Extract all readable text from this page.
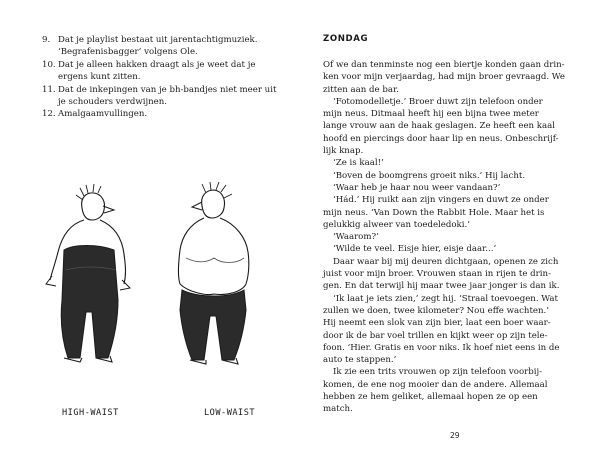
9. Dat je playlist bestaat uit jarentachtigmuziek.
‘Begrafenisbagger’ volgens Ole.
10. Dat je alleen hakken draagt als je weet dat je
ergens kunt zitten.
11. Dat de inkepingen van je bh-bandjes niet meer uit
je schouders verdwijnen.
12. Amalgaamvullingen.
HIGH-WAIST	LOW-WAIST
ZONDAG

Of we dan tenminste nog een biertje konden gaan drin-

ken voor mijn verjaardag, had mijn broer gevraagd. We

zitten aan de bar.

‘Fotomodelletje.’ Broer duwt zijn telefoon onder

mijn neus. Ditmaal heeft hij een bijna twee meter

lange vrouw aan de haak geslagen. Ze heeft een kaal

hoofd en piercings door haar lip en neus. Onbeschrijf-

lijk knap.

‘Ze is kaal!’

‘Boven de boomgrens groeit niks.’ Hij lacht.

‘Waar heb je haar nou weer vandaan?’

‘Hád.’ Hij ruikt aan zijn vingers en duwt ze onder

mijn neus. ‘Van Down the Rabbit Hole. Maar het is

gelukkig alweer van toedeledoki.’

‘Waarom?’

‘Wilde te veel. Eisje hier, eisje daar...’

Daar waar bij mij deuren dichtgaan, openen ze zich

juist voor mijn broer. Vrouwen staan in rijen te drin-

gen. En dat terwijl hij maar twee jaar jonger is dan ik.

‘Ik laat je iets zien,’ zegt hij. ‘Straal toevoegen. Wat

zullen we doen, twee kilometer? Nou effe wachten.’

Hij neemt een slok van zijn bier, laat een boer waar-

door ik de bar voel trillen en kijkt weer op zijn tele-

foon. ‘Hier. Gratis en voor niks. Ik hoef niet eens in de

auto te stappen.’

Ik zie een trits vrouwen op zijn telefoon voorbij-

komen, de ene nog mooier dan de andere. Allemaal

hebben ze hem geliket, allemaal hopen ze op een

match.

29
